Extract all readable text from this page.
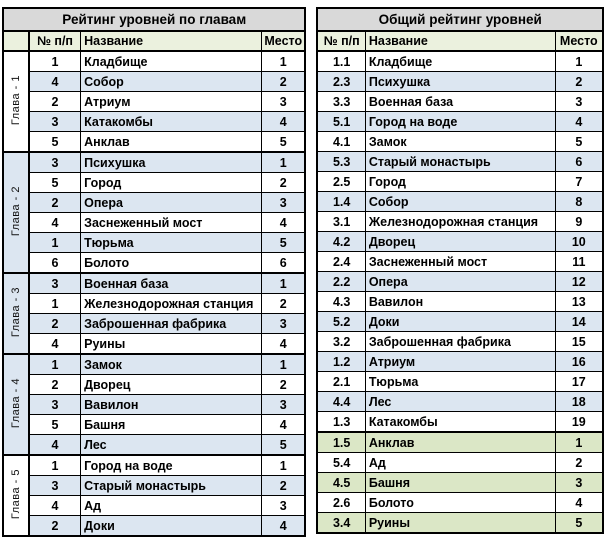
Рейтинг уровней по главам			
	№ п/п	Название	Место
Глава - 1	1	Кладбище	1
	4	Собор	2
	2	Атриум	3
	3	Катакомбы	4
	5	Анклав	5
Глава - 2	3	Психушка	1
	5	Город	2
	2	Опера	3
	4	Заснеженный мост	4
	1	Тюрьма	5
	6	Болото	6
Глава - 3	3	Военная база	1
	1	Железнодорожная станция	2
	2	Заброшенная фабрика	3
	4	Руины	4
Глава - 4	1	Замок	1
	2	Дворец	2
	3	Вавилон	3
	5	Башня	4
	4	Лес	5
Глава - 5	1	Город на воде	1
	3	Старый монастырь	2
	4	Ад	3
	2	Доки	4
Общий рейтинг уровней		
№ п/п	Название	Место
1.1	Кладбище	1
2.3	Психушка	2
3.3	Военная база	3
5.1	Город на воде	4
4.1	Замок	5
5.3	Старый монастырь	6
2.5	Город	7
1.4	Собор	8
3.1	Железнодорожная станция	9
4.2	Дворец	10
2.4	Заснеженный мост	11
2.2	Опера	12
4.3	Вавилон	13
5.2	Доки	14
3.2	Заброшенная фабрика	15
1.2	Атриум	16
2.1	Тюрьма	17
4.4	Лес	18
1.3	Катакомбы	19
1.5	Анклав	1
5.4	Ад	2
4.5	Башня	3
2.6	Болото	4
3.4	Руины	5
